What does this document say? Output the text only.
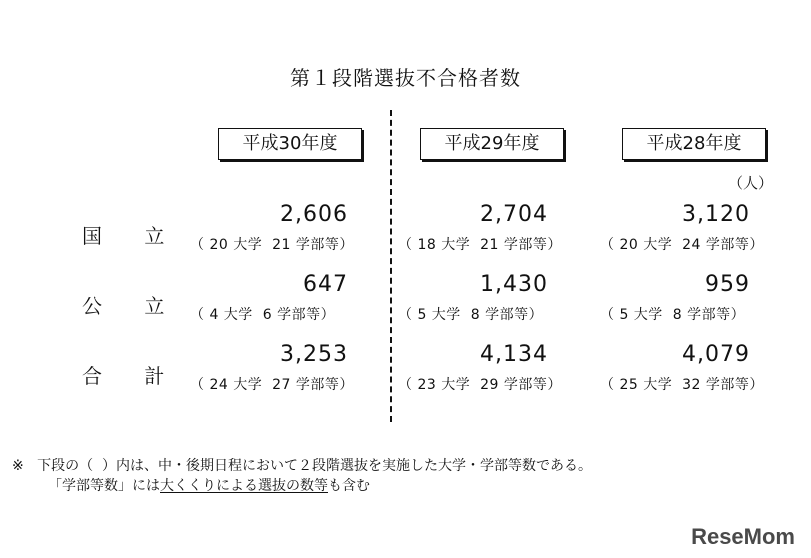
第１段階選抜不合格者数
平成30年度	平成29年度	平成28年度
（人）
国 立
2,606
（ 20 大学  21 学部等）
2,704
（ 18 大学  21 学部等）
3,120
（ 20 大学  24 学部等）
公 立
647
（ 4 大学  6 学部等）
1,430
（ 5 大学  8 学部等）
959
（ 5 大学  8 学部等）
合 計
3,253
（ 24 大学  27 学部等）
4,134
（ 23 大学  29 学部等）
4,079
（ 25 大学  32 学部等）
※   下段の（  ）内は、中・後期日程において２段階選抜を実施した大学・学部等数である。
「学部等数」には大くくりによる選抜の数等も含む
ReseMom
